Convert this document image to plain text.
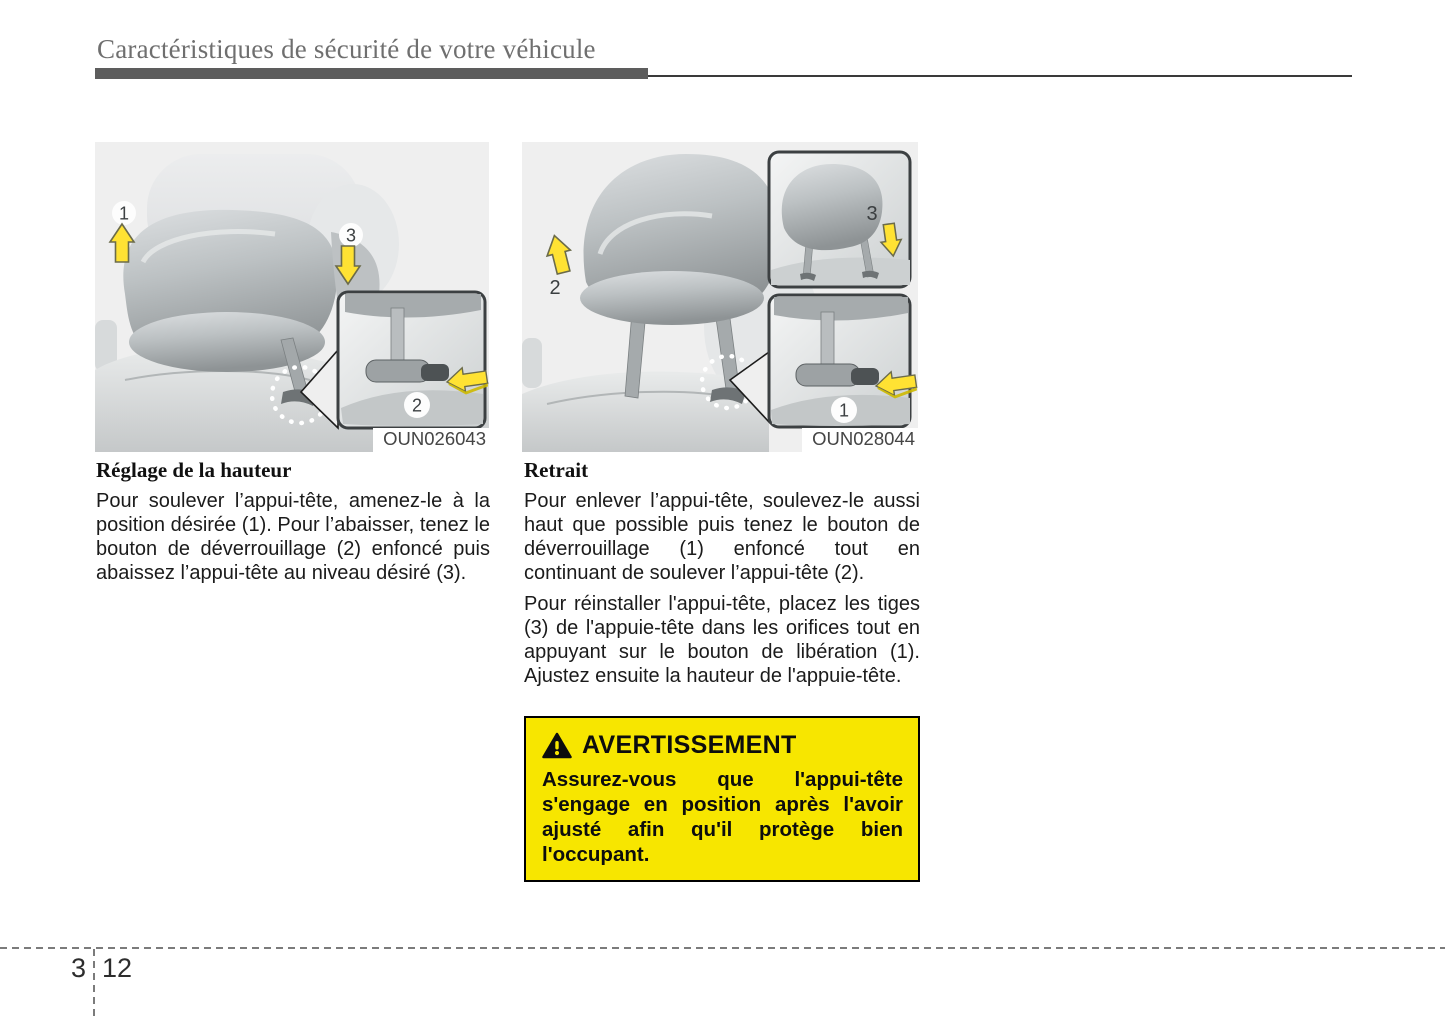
Caractéristiques de sécurité de votre véhicule
2
1
3
OUN026043
2
3
1
OUN028044
Réglage de la hauteur

Pour soulever l’appui-tête, amenez-le à la position désirée (1). Pour l’abaisser, tenez le bouton de déverrouillage (2) enfoncé puis abaissez l’appui-tête au niveau désiré (3).

Retrait

Pour enlever l’appui-tête, soulevez-le aussi haut que possible puis tenez le bouton de déverrouillage (1) enfoncé tout en continuant de soulever l’appui-tête (2).

Pour réinstaller l'appui-tête, placez les tiges (3) de l'appuie-tête dans les orifices tout en appuyant sur le bouton de libération (1). Ajustez ensuite la hauteur de l'appuie-tête.

AVERTISSEMENT

Assurez-vous que l'appui-tête s'engage en position après l'avoir ajusté afin qu'il protège bien l'occupant.

3 12
